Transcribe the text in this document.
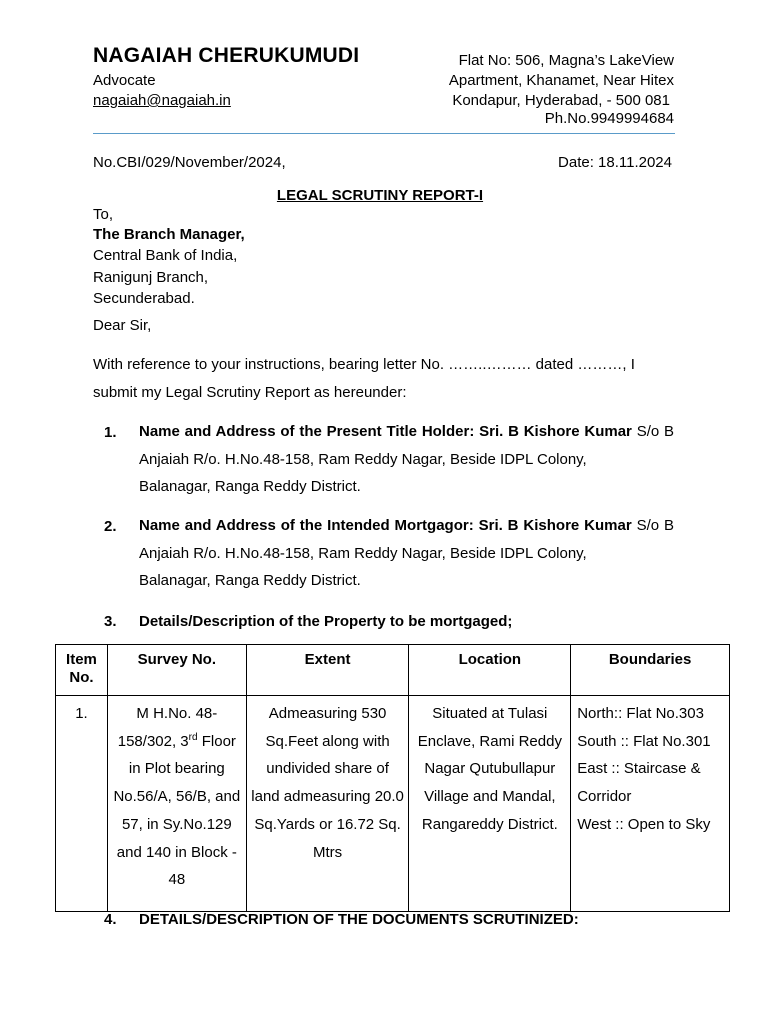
NAGAIAH CHERUKUMUDI
Advocate
nagaiah@nagaiah.in
Flat No: 506, Magna’s LakeView
Apartment, Khanamet, Near Hitex
Kondapur, Hyderabad, - 500 081
Ph.No.9949994684
No.CBI/029/November/2024,	Date: 18.11.2024
LEGAL SCRUTINY REPORT-I
To,
The Branch Manager,
Central Bank of India,
Ranigunj Branch,
Secunderabad.
Dear Sir,
With reference to your instructions, bearing letter No. ……..……… dated ………, I
submit my Legal Scrutiny Report as hereunder:
1. Name and Address of the Present Title Holder: Sri. B Kishore Kumar S/o B Anjaiah R/o. H.No.48-158, Ram Reddy Nagar, Beside IDPL Colony,
Balanagar, Ranga Reddy District.
2. Name and Address of the Intended Mortgagor: Sri. B Kishore Kumar S/o B Anjaiah R/o. H.No.48-158, Ram Reddy Nagar, Beside IDPL Colony,
Balanagar, Ranga Reddy District.
3. Details/Description of the Property to be mortgaged;
Item No.	Survey No.	Extent	Location	Boundaries
1.	M H.No. 48-158/302, 3rd Floor in Plot bearing No.56/A, 56/B, and 57, in Sy.No.129 and 140 in Block - 48	Admeasuring 530 Sq.Feet along with undivided share of land admeasuring 20.0 Sq.Yards or 16.72 Sq. Mtrs	Situated at Tulasi Enclave, Rami Reddy Nagar Qutubullapur Village and Mandal, Rangareddy District.	North:: Flat No.303
South :: Flat No.301
East :: Staircase &
Corridor
West :: Open to Sky
4. DETAILS/DESCRIPTION OF THE DOCUMENTS SCRUTINIZED:
